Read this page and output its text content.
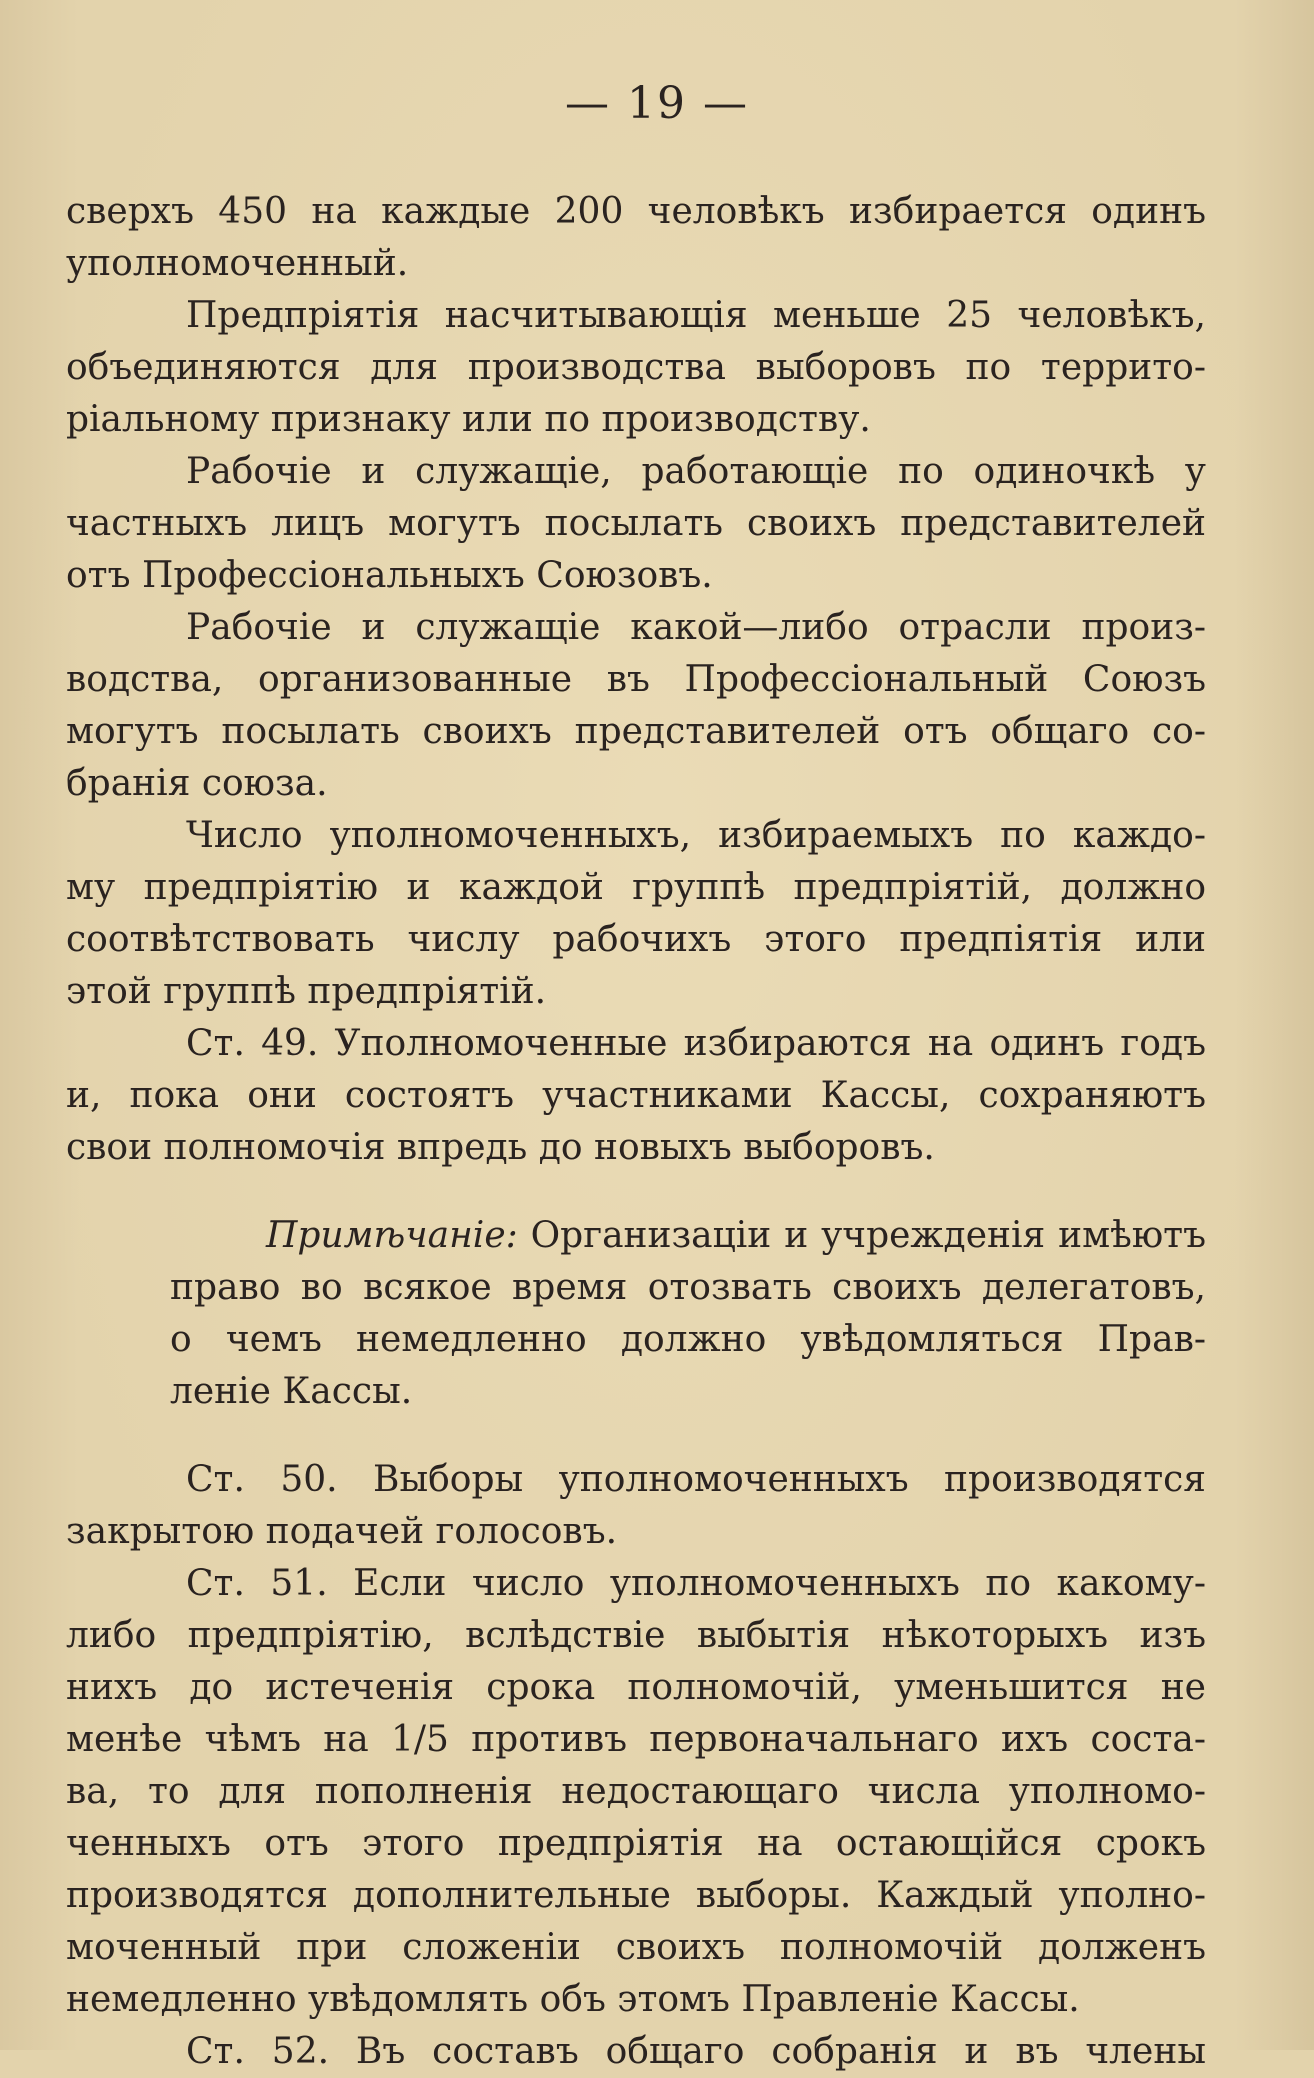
— 19 —
сверхъ 450 на каждые 200 человѣкъ избирается одинъ
уполномоченный.
Предпріятія насчитывающія меньше 25 человѣкъ,
объединяются для производства выборовъ по террито-
ріальному признаку или по производству.
Рабочіе и служащіе, работающіе по одиночкѣ у
частныхъ лицъ могутъ посылать своихъ представителей
отъ Профессіональныхъ Союзовъ.
Рабочіе и служащіе какой—либо отрасли произ-
водства, организованные въ Профессіональный Союзъ
могутъ посылать своихъ представителей отъ общаго со-
бранія союза.
Число уполномоченныхъ, избираемыхъ по каждо-
му предпріятію и каждой группѣ предпріятій, должно
соотвѣтствовать числу рабочихъ этого предпіятія или
этой группѣ предпріятій.
Ст. 49. Уполномоченные избираются на одинъ годъ
и, пока они состоятъ участниками Кассы, сохраняютъ
свои полномочія впредь до новыхъ выборовъ.
Примѣчаніе: Организаціи и учрежденія имѣютъ
право во всякое время отозвать своихъ делегатовъ,
о чемъ немедленно должно увѣдомляться Прав-
леніе Кассы.
Ст. 50. Выборы уполномоченныхъ производятся
закрытою подачей голосовъ.
Ст. 51. Если число уполномоченныхъ по какому-
либо предпріятію, вслѣдствіе выбытія нѣкоторыхъ изъ
нихъ до истеченія срока полномочій, уменьшится не
менѣе чѣмъ на 1/5 противъ первоначальнаго ихъ соста-
ва, то для пополненія недостающаго числа уполномо-
ченныхъ отъ этого предпріятія на остающійся срокъ
производятся дополнительные выборы. Каждый уполно-
моченный при сложеніи своихъ полномочій долженъ
немедленно увѣдомлять объ этомъ Правленіе Кассы.
Ст. 52. Въ составъ общаго собранія и въ члены
